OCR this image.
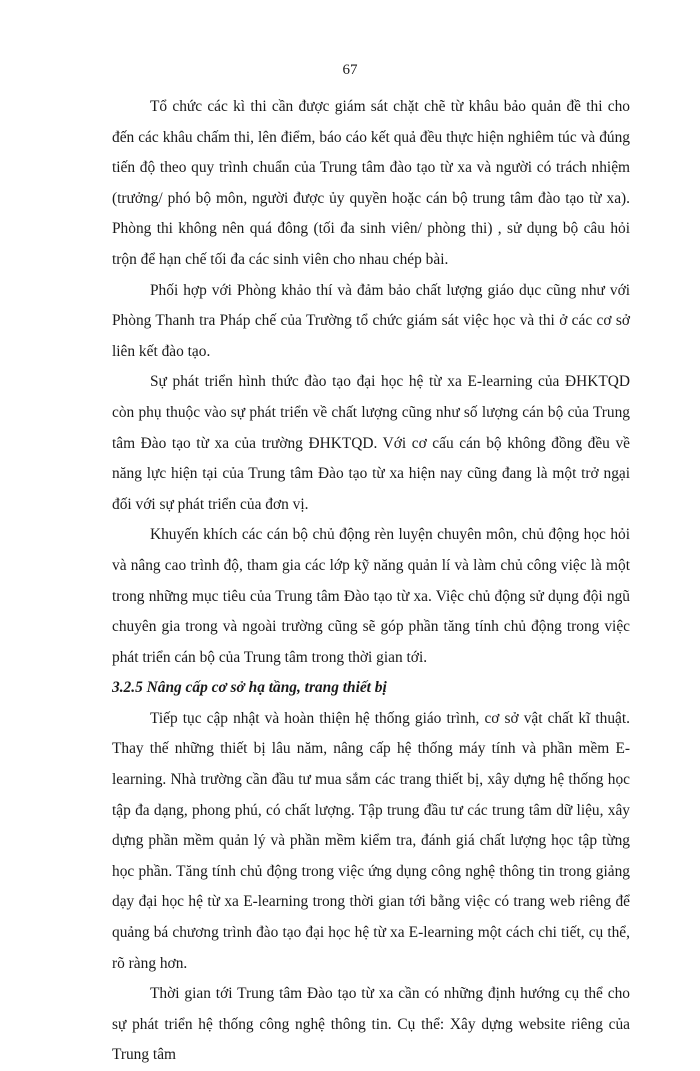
67

Tổ chức các kì thi cần được giám sát chặt chẽ từ khâu bảo quản đề thi cho đến các khâu chấm thi, lên điểm, báo cáo kết quả đều thực hiện nghiêm túc và đúng tiến độ theo quy trình chuẩn của Trung tâm đào tạo từ xa và người có trách nhiệm (trưởng/ phó bộ môn, người được ủy quyền hoặc cán bộ trung tâm đào tạo từ xa). Phòng thi không nên quá đông (tối đa sinh viên/ phòng thi) , sử dụng bộ câu hỏi trộn để hạn chế tối đa các sinh viên cho nhau chép bài.

Phối hợp với Phòng khảo thí và đảm bảo chất lượng giáo dục cũng như với Phòng Thanh tra Pháp chế của Trường tổ chức giám sát việc học và thi ở các cơ sở liên kết đào tạo.

Sự phát triển hình thức đào tạo đại học hệ từ xa E-learning của ĐHKTQD còn phụ thuộc vào sự phát triển về chất lượng cũng như số lượng cán bộ của Trung tâm Đào tạo từ xa của trường ĐHKTQD. Với cơ cấu cán bộ không đồng đều về năng lực hiện tại của Trung tâm Đào tạo từ xa hiện nay cũng đang là một trở ngại đối với sự phát triển của đơn vị.

Khuyến khích các cán bộ chủ động rèn luyện chuyên môn, chủ động học hỏi và nâng cao trình độ, tham gia các lớp kỹ năng quản lí và làm chủ công việc là một trong những mục tiêu của Trung tâm Đào tạo từ xa. Việc chủ động sử dụng đội ngũ chuyên gia trong và ngoài trường cũng sẽ góp phần tăng tính chủ động trong việc phát triển cán bộ của Trung tâm trong thời gian tới.

3.2.5 Nâng cấp cơ sở hạ tầng, trang thiết bị

Tiếp tục cập nhật và hoàn thiện hệ thống giáo trình, cơ sở vật chất kĩ thuật. Thay thế những thiết bị lâu năm, nâng cấp hệ thống máy tính và phần mềm E-learning. Nhà trường cần đầu tư mua sắm các trang thiết bị, xây dựng hệ thống học tập đa dạng, phong phú, có chất lượng. Tập trung đầu tư các trung tâm dữ liệu, xây dựng phần mềm quản lý và phần mềm kiểm tra, đánh giá chất lượng học tập từng học phần. Tăng tính chủ động trong việc ứng dụng công nghệ thông tin trong giảng dạy đại học hệ từ xa E-learning trong thời gian tới bằng việc có trang web riêng để quảng bá chương trình đào tạo đại học hệ từ xa E-learning một cách chi tiết, cụ thể, rõ ràng hơn.

Thời gian tới Trung tâm Đào tạo từ xa cần có những định hướng cụ thể cho sự phát triển hệ thống công nghệ thông tin. Cụ thể: Xây dựng website riêng của Trung tâm
